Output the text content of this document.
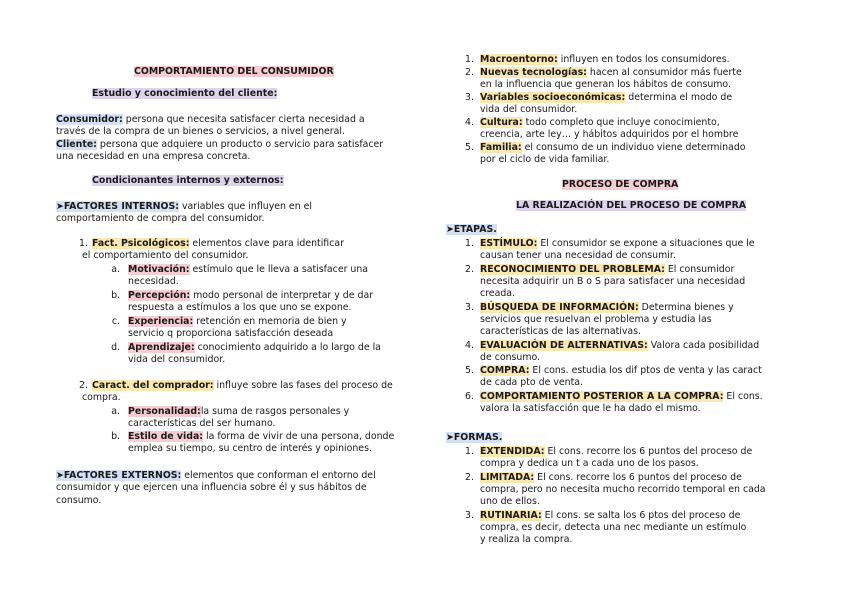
COMPORTAMIENTO DEL CONSUMIDOR
Estudio y conocimiento del cliente:
Consumidor: persona que necesita satisfacer cierta necesidad a
través de la compra de un bienes o servicios, a nivel general.
Cliente: persona que adquiere un producto o servicio para satisfacer
una necesidad en una empresa concreta.
Condicionantes internos y externos:
➤FACTORES INTERNOS: variables que influyen en el
comportamiento de compra del consumidor.
1. Fact. Psicológicos: elementos clave para identificar
el comportamiento del consumidor.
a. Motivación: estímulo que le lleva a satisfacer una
necesidad.
b. Percepción: modo personal de interpretar y de dar
respuesta a estímulos a los que uno se expone.
c. Experiencia: retención en memoria de bien y
servicio q proporciona satisfacción deseada
d. Aprendizaje: conocimiento adquirido a lo largo de la
vida del consumidor.
2. Caract. del comprador: influye sobre las fases del proceso de
compra.
a. Personalidad:la suma de rasgos personales y
características del ser humano.
b. Estilo de vida: la forma de vivir de una persona, donde
emplea su tiempo, su centro de interés y opiniones.
➤FACTORES EXTERNOS: elementos que conforman el entorno del
consumidor y que ejercen una influencia sobre él y sus hábitos de
consumo.
1. Macroentorno: influyen en todos los consumidores.
2. Nuevas tecnologías: hacen al consumidor más fuerte
en la influencia que generan los hábitos de consumo.
3. Variables socioeconómicas: determina el modo de
vida del consumidor.
4. Cultura: todo completo que incluye conocimiento,
creencia, arte ley… y hábitos adquiridos por el hombre
5. Familia: el consumo de un individuo viene determinado
por el ciclo de vida familiar.
PROCESO DE COMPRA
LA REALIZACIÓN DEL PROCESO DE COMPRA
➤ETAPAS.
1. ESTÍMULO: El consumidor se expone a situaciones que le
causan tener una necesidad de consumir.
2. RECONOCIMIENTO DEL PROBLEMA: El consumidor
necesita adquirir un B o S para satisfacer una necesidad
creada.
3. BÚSQUEDA DE INFORMACIÓN: Determina bienes y
servicios que resuelvan el problema y estudia las
características de las alternativas.
4. EVALUACIÓN DE ALTERNATIVAS: Valora cada posibilidad
de consumo.
5. COMPRA: El cons. estudia los dif ptos de venta y las caract
de cada pto de venta.
6. COMPORTAMIENTO POSTERIOR A LA COMPRA: El cons.
valora la satisfacción que le ha dado el mismo.
➤FORMAS.
1. EXTENDIDA: El cons. recorre los 6 puntos del proceso de
compra y dedica un t a cada uno de los pasos.
2. LIMITADA: El cons. recorre los 6 puntos del proceso de
compra, pero no necesita mucho recorrido temporal en cada
uno de ellos.
3. RUTINARIA: El cons. se salta los 6 ptos del proceso de
compra, es decir, detecta una nec mediante un estímulo
y realiza la compra.
